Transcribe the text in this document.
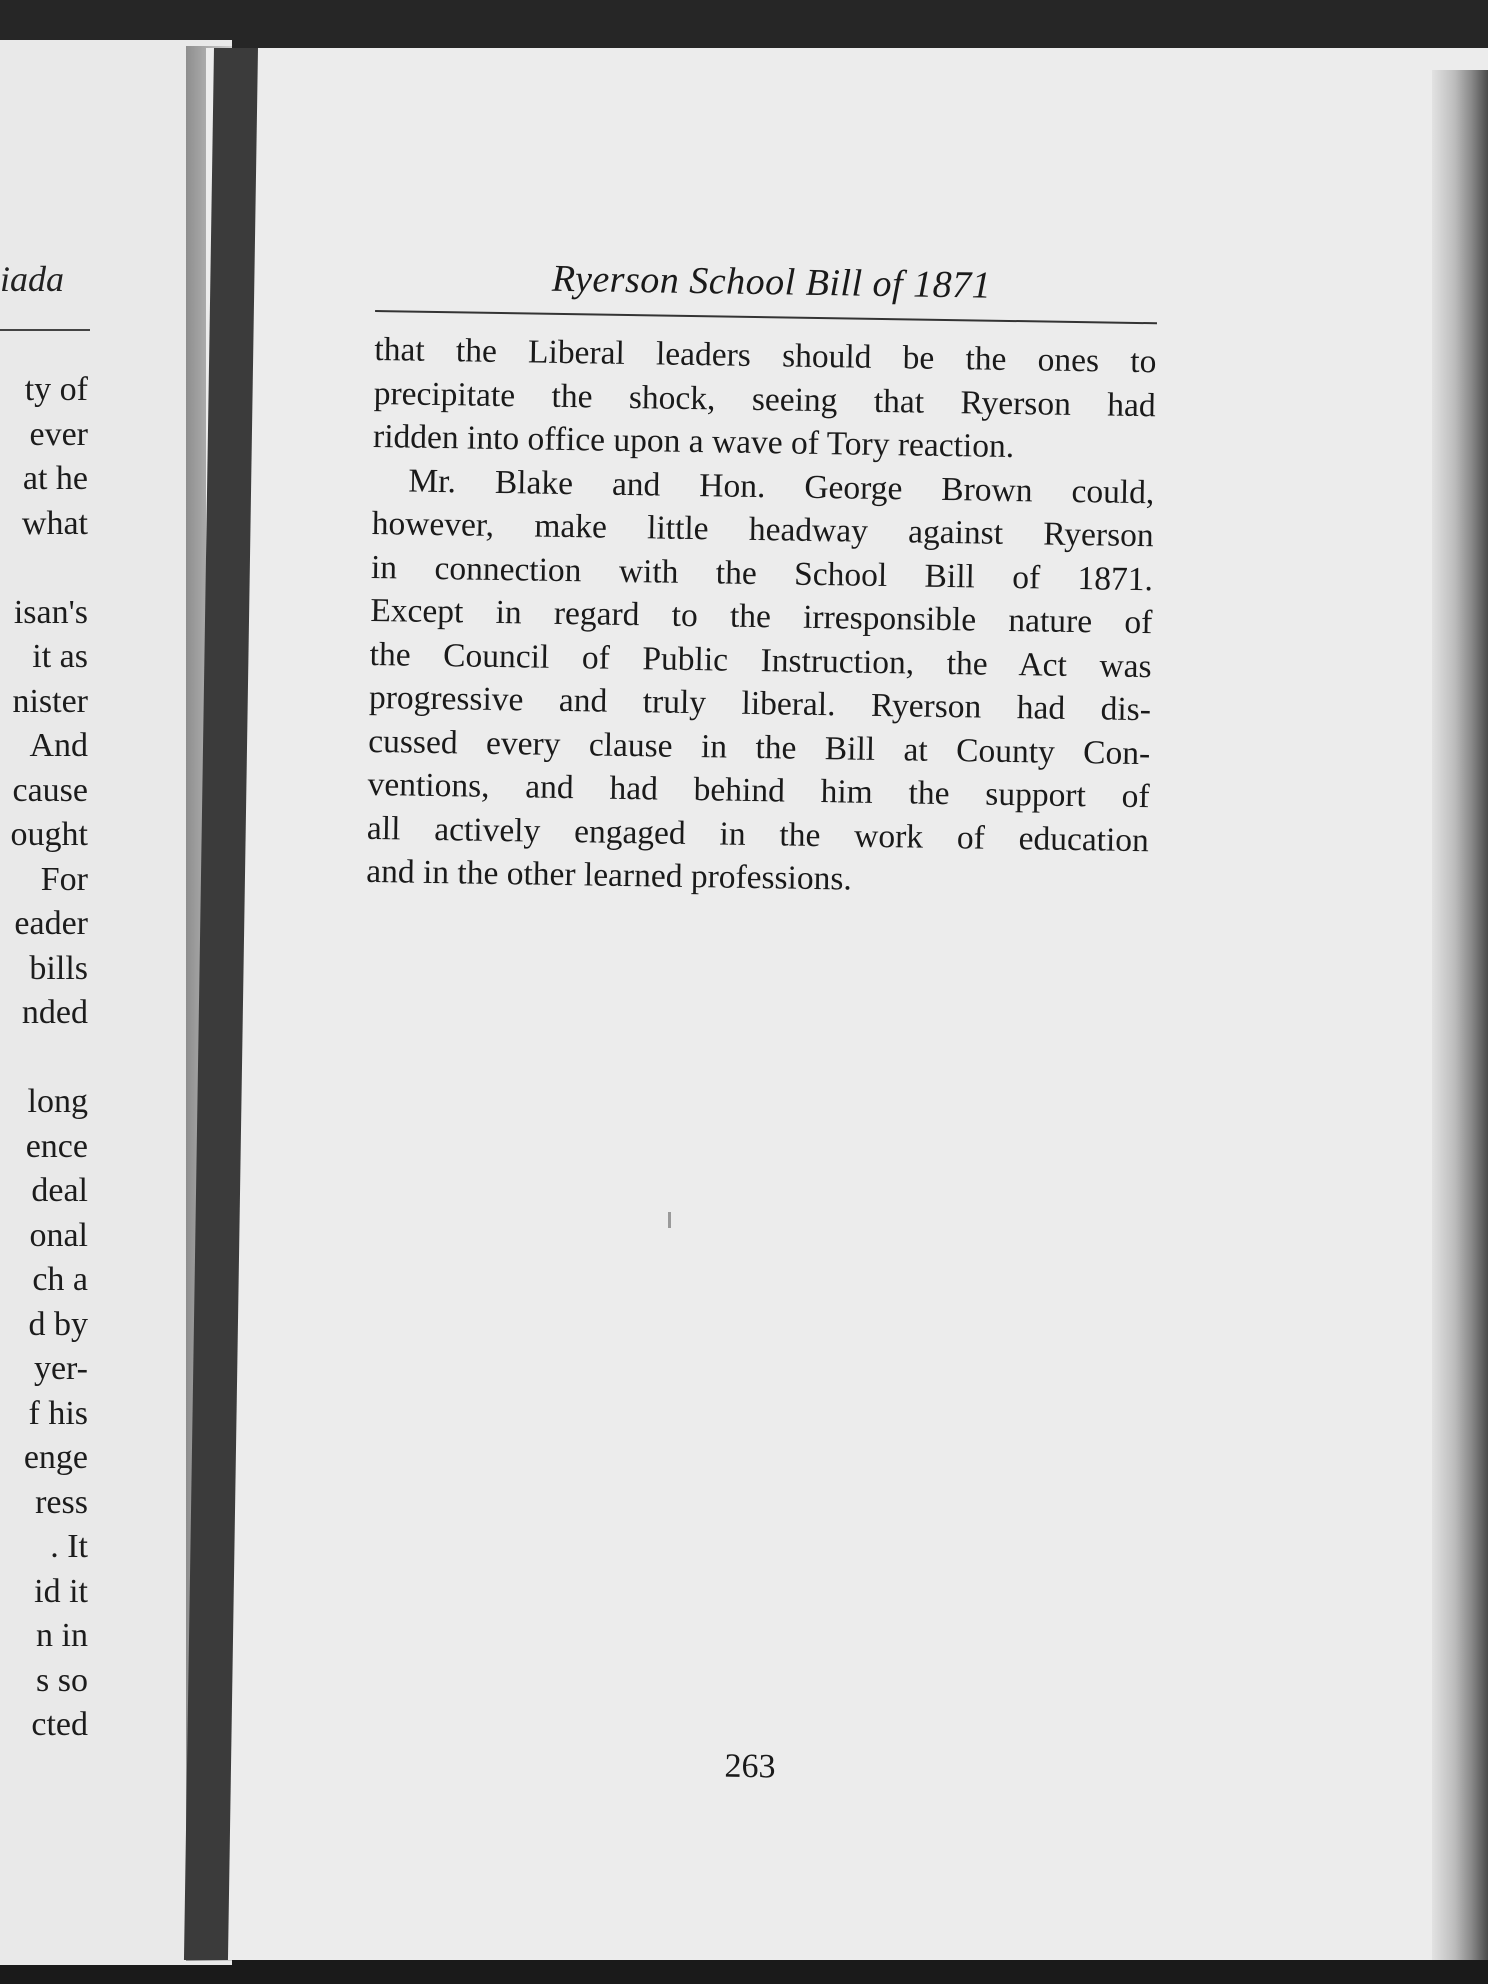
iada
ty of
ever
at he
what
isan's
it as
nister
And
cause
ought
For
eader
bills
nded
long
ence
deal
onal
ch a
d by
yer-
f his
enge
ress
. It
id it
n in
s so
cted
Ryerson School Bill of 1871
that the Liberal leaders should be the ones to
precipitate the shock, seeing that Ryerson had
ridden into office upon a wave of Tory reaction.
Mr. Blake and Hon. George Brown could,
however, make little headway against Ryerson
in connection with the School Bill of 1871.
Except in regard to the irresponsible nature of
the Council of Public Instruction, the Act was
progressive and truly liberal. Ryerson had dis-
cussed every clause in the Bill at County Con-
ventions, and had behind him the support of
all actively engaged in the work of education
and in the other learned professions.
263
